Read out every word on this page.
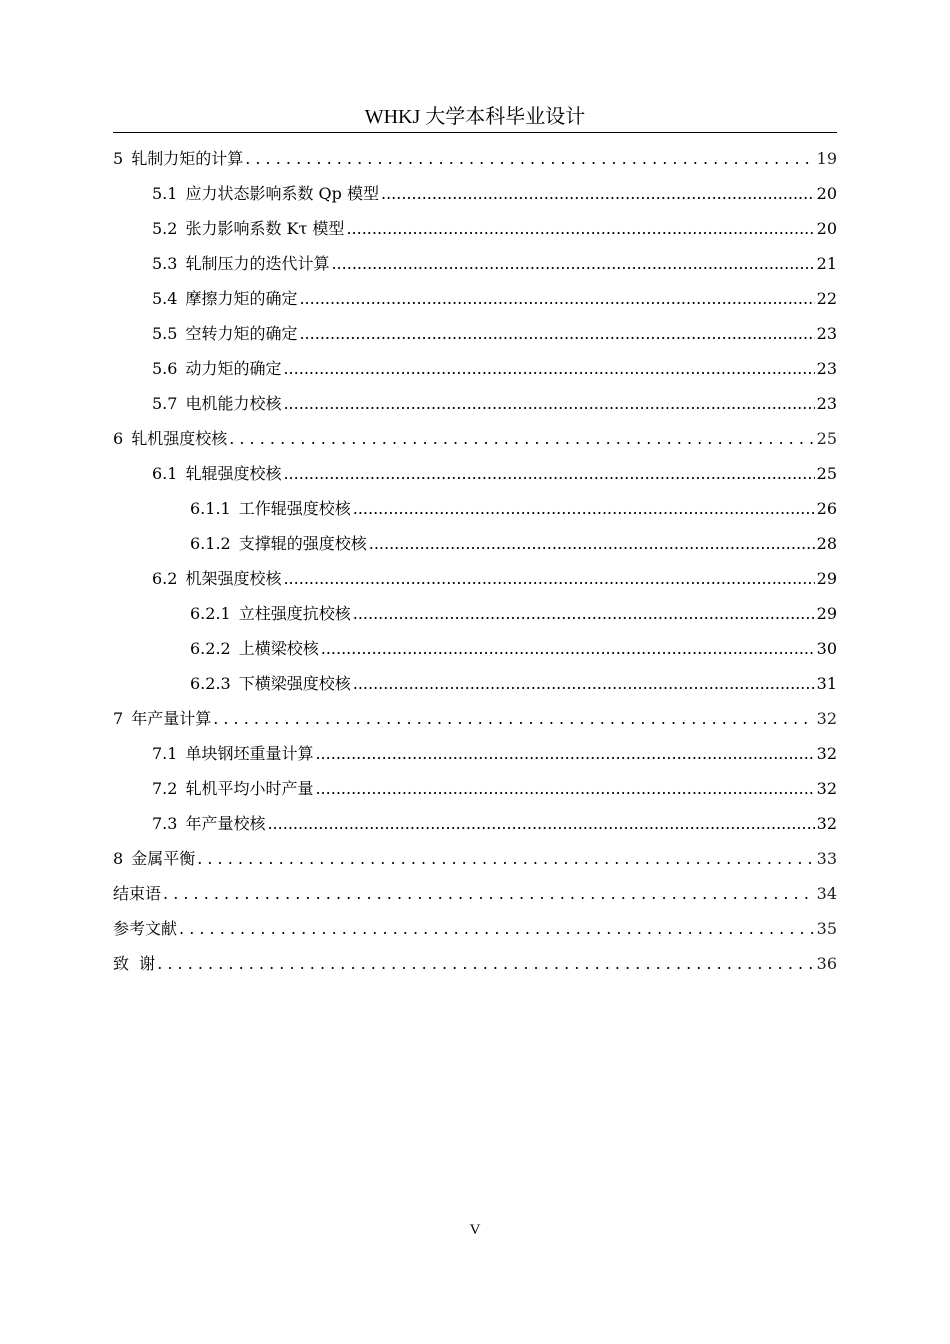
WHKJ 大学本科毕业设计
5 轧制力矩的计算 . . .	19
5.1 应力状态影响系数 Qp 模型 .....	20
5.2 张力影响系数 Kτ 模型 .....	20
5.3 轧制压力的迭代计算 .....	21
5.4 摩擦力矩的确定 .....	22
5.5 空转力矩的确定 .....	23
5.6 动力矩的确定 .....	23
5.7 电机能力校核 .....	23
6 轧机强度校核 . . .	25
6.1 轧辊强度校核 .....	25
6.1.1 工作辊强度校核 .....	26
6.1.2 支撑辊的强度校核 .....	28
6.2 机架强度校核 .....	29
6.2.1 立柱强度抗校核 .....	29
6.2.2 上横梁校核 .....	30
6.2.3 下横梁强度校核 .....	31
7 年产量计算 . . .	32
7.1 单块钢坯重量计算 .....	32
7.2 轧机平均小时产量 .....	32
7.3 年产量校核 .....	32
8 金属平衡 . . .	33
结束语 . . .	34
参考文献 . . .	35
致  谢 . . .	36
V
